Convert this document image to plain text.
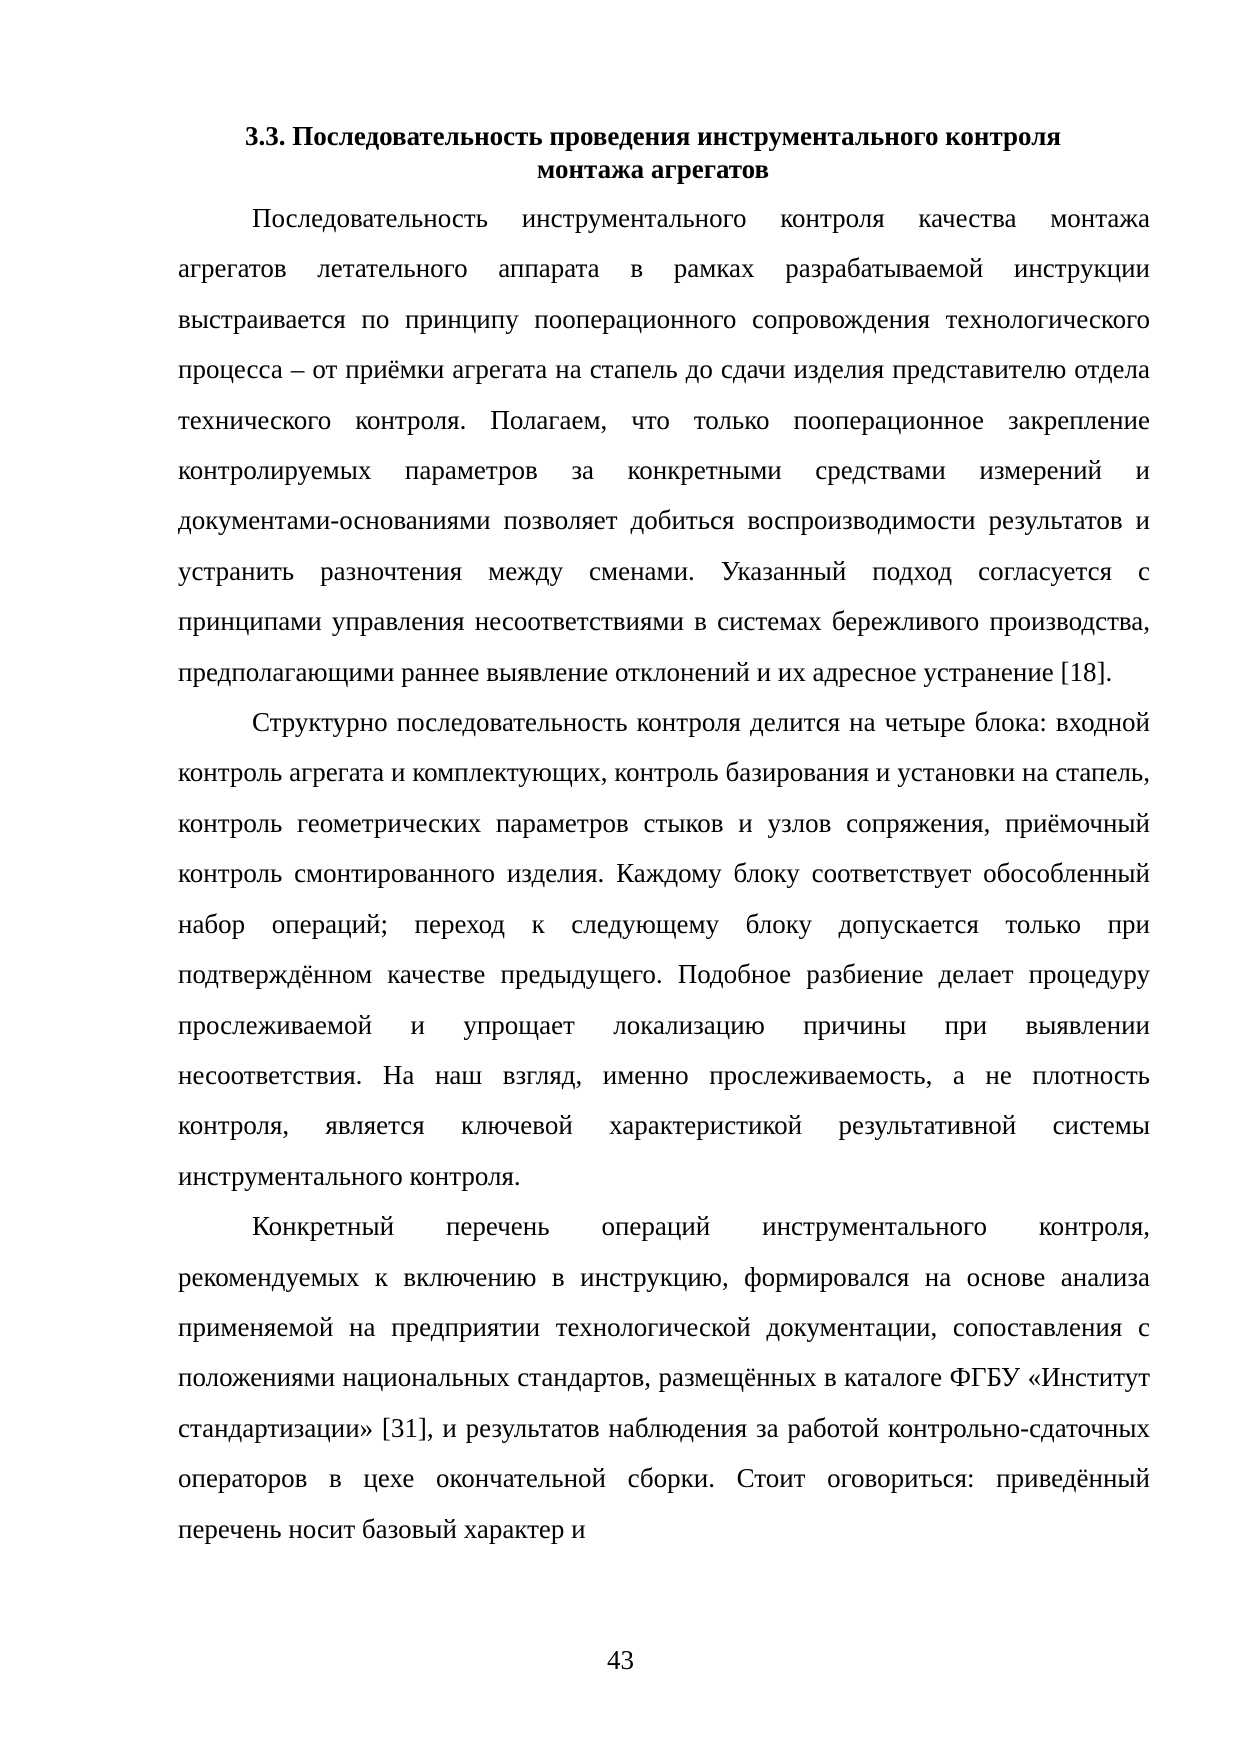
3.3. Последовательность проведения инструментального контроля
монтажа агрегатов

Последовательность инструментального контроля качества монтажа агрегатов летательного аппарата в рамках разрабатываемой инструкции выстраивается по принципу пооперационного сопровождения технологического процесса – от приёмки агрегата на стапель до сдачи изделия представителю отдела технического контроля. Полагаем, что только пооперационное закрепление контролируемых параметров за конкретными средствами измерений и документами-основаниями позволяет добиться воспроизводимости результатов и устранить разночтения между сменами. Указанный подход согласуется с принципами управления несоответствиями в системах бережливого производства, предполагающими раннее выявление отклонений и их адресное устранение [18].

Структурно последовательность контроля делится на четыре блока: входной контроль агрегата и комплектующих, контроль базирования и установки на стапель, контроль геометрических параметров стыков и узлов сопряжения, приёмочный контроль смонтированного изделия. Каждому блоку соответствует обособленный набор операций; переход к следующему блоку допускается только при подтверждённом качестве предыдущего. Подобное разбиение делает процедуру прослеживаемой и упрощает локализацию причины при выявлении несоответствия. На наш взгляд, именно прослеживаемость, а не плотность контроля, является ключевой характеристикой результативной системы инструментального контроля.

Конкретный перечень операций инструментального контроля, рекомендуемых к включению в инструкцию, формировался на основе анализа применяемой на предприятии технологической документации, сопоставления с положениями национальных стандартов, размещённых в каталоге ФГБУ «Институт стандартизации» [31], и результатов наблюдения за работой контрольно-сдаточных операторов в цехе окончательной сборки. Стоит оговориться: приведённый перечень носит базовый характер и

43
